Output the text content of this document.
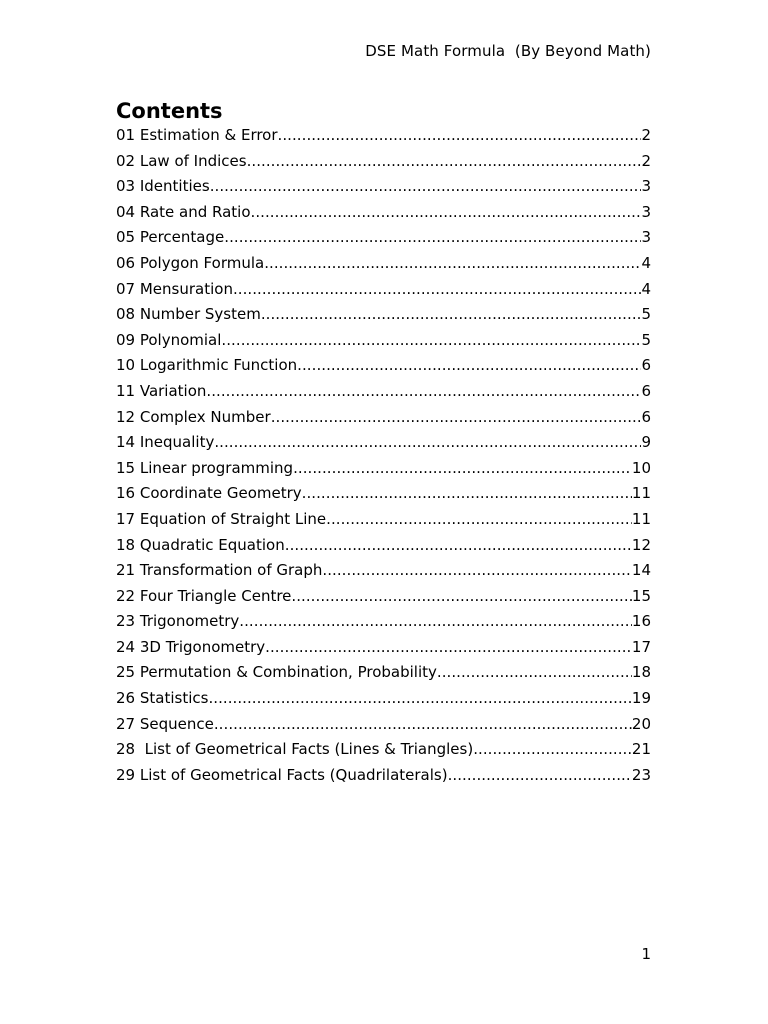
DSE Math Formula  (By Beyond Math)
Contents
01 Estimation & Error .....	2
02 Law of Indices .....	2
03 Identities .....	3
04 Rate and Ratio .....	3
05 Percentage .....	3
06 Polygon Formula .....	4
07 Mensuration .....	4
08 Number System .....	5
09 Polynomial .....	5
10 Logarithmic Function .....	6
11 Variation .....	6
12 Complex Number .....	6
14 Inequality .....	9
15 Linear programming .....	10
16 Coordinate Geometry .....	11
17 Equation of Straight Line .....	11
18 Quadratic Equation .....	12
21 Transformation of Graph .....	14
22 Four Triangle Centre .....	15
23 Trigonometry .....	16
24 3D Trigonometry .....	17
25 Permutation & Combination, Probability .....	18
26 Statistics .....	19
27 Sequence .....	20
28  List of Geometrical Facts (Lines & Triangles) .....	21
29 List of Geometrical Facts (Quadrilaterals) .....	23
1
